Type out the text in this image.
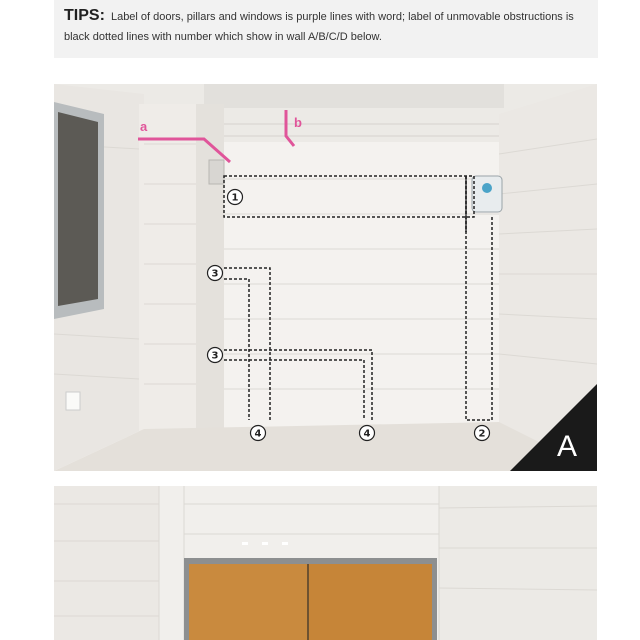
TIPS: Label of doors, pillars and windows is purple lines with word; label of unmovable obstructions is black dotted lines with number which show in wall A/B/C/D below.
a	b
1
2
3
3
4	4	A
